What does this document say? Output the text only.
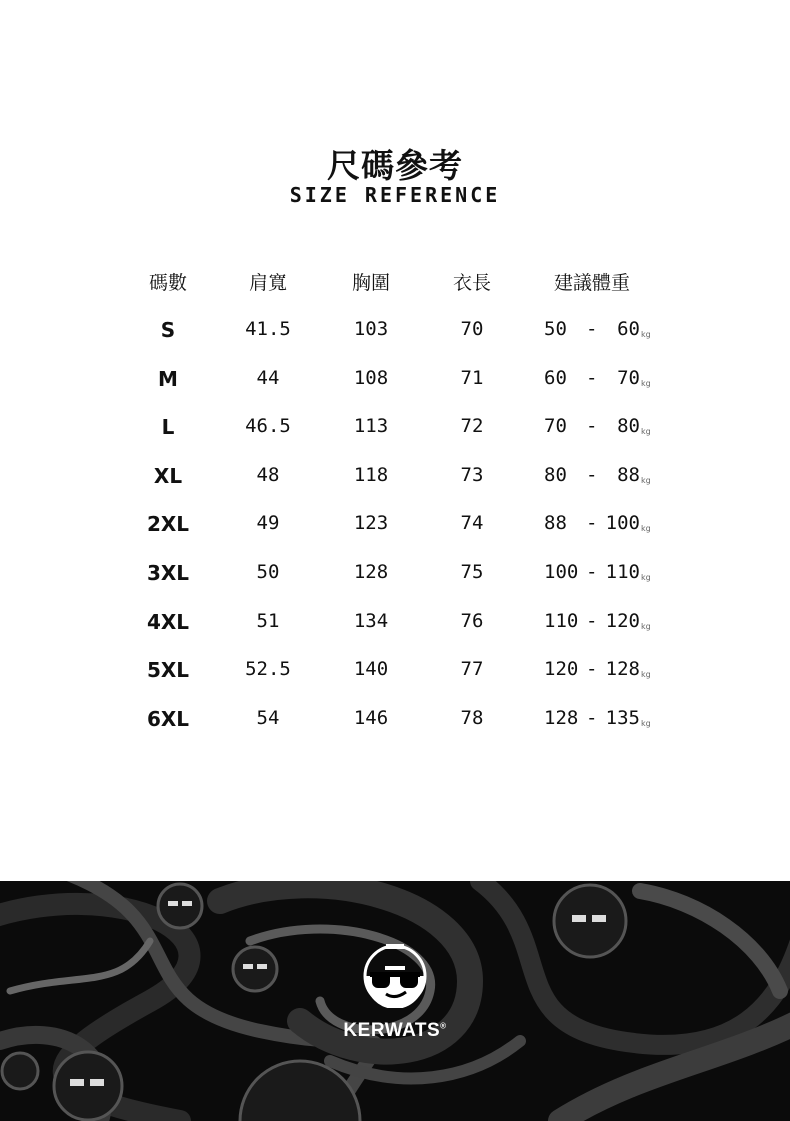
尺碼參考
SIZE REFERENCE
碼數	肩寬	胸圍	衣長	建議體重
S	41.5	103	70	50 - 60 kg
M	44	108	71	60 - 70 kg
L	46.5	113	72	70 - 80 kg
XL	48	118	73	80 - 88 kg
2XL	49	123	74	88 - 100 kg
3XL	50	128	75	100 - 110 kg
4XL	51	134	76	110 - 120 kg
5XL	52.5	140	77	120 - 128 kg
6XL	54	146	78	128 - 135 kg
KERWATS®
